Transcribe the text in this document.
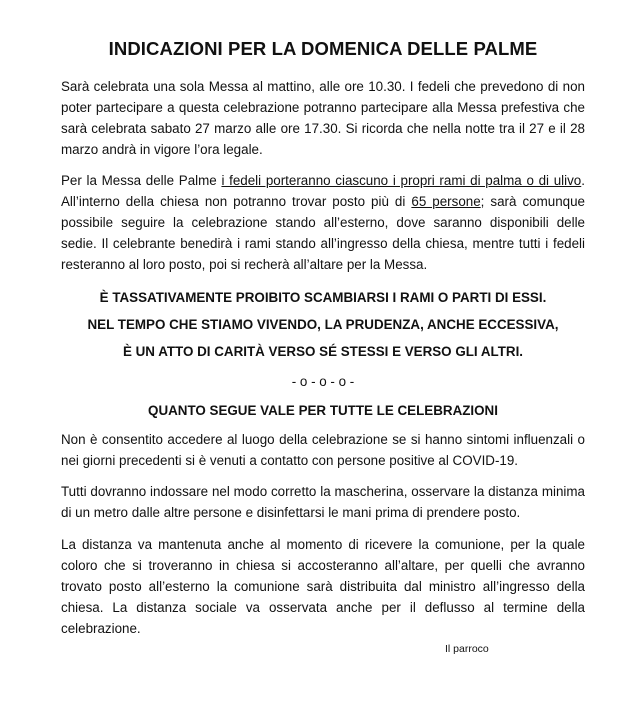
INDICAZIONI PER LA DOMENICA DELLE PALME

Sarà celebrata una sola Messa al mattino, alle ore 10.30. I fedeli che prevedono di non poter partecipare a questa celebrazione potranno partecipare alla Messa prefestiva che sarà celebrata sabato 27 marzo alle ore 17.30. Si ricorda che nella notte tra il 27 e il 28 marzo andrà in vigore l’ora legale.

Per la Messa delle Palme i fedeli porteranno ciascuno i propri rami di palma o di ulivo. All’interno della chiesa non potranno trovar posto più di 65 persone; sarà comunque possibile seguire la celebrazione stando all’esterno, dove saranno disponibili delle sedie. Il celebrante benedirà i rami stando all’ingresso della chiesa, mentre tutti i fedeli resteranno al loro posto, poi si recherà all’altare per la Messa.

È TASSATIVAMENTE PROIBITO SCAMBIARSI I RAMI O PARTI DI ESSI.

NEL TEMPO CHE STIAMO VIVENDO, LA PRUDENZA, ANCHE ECCESSIVA,

È UN ATTO DI CARITÀ VERSO SÉ STESSI E VERSO GLI ALTRI.

- o - o - o -

QUANTO SEGUE VALE PER TUTTE LE CELEBRAZIONI

Non è consentito accedere al luogo della celebrazione se si hanno sintomi influenzali o nei giorni precedenti si è venuti a contatto con persone positive al COVID-19.

Tutti dovranno indossare nel modo corretto la mascherina, osservare la distanza minima di un metro dalle altre persone e disinfettarsi le mani prima di prendere posto.

La distanza va mantenuta anche al momento di ricevere la comunione, per la quale coloro che si troveranno in chiesa si accosteranno all’altare, per quelli che avranno trovato posto all’esterno la comunione sarà distribuita dal ministro all’ingresso della chiesa. La distanza sociale va osservata anche per il deflusso al termine della celebrazione.

Il parroco
